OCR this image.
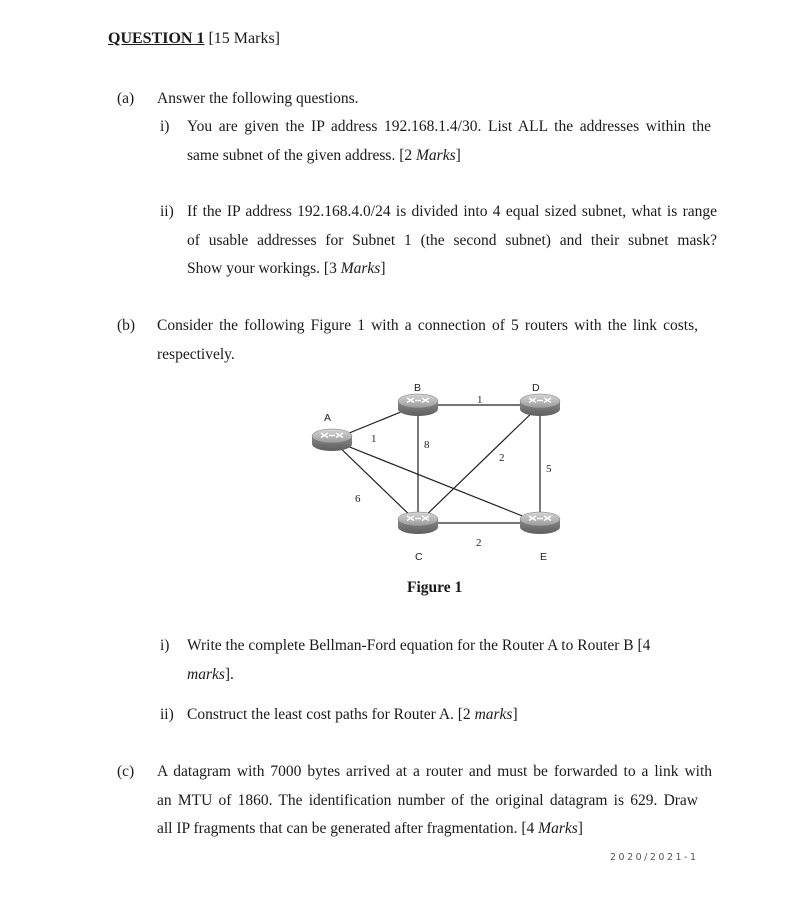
QUESTION 1 [15 Marks]
(a) Answer the following questions.
i) You are given the IP address 192.168.1.4/30. List ALL the addresses within the
same subnet of the given address. [2 Marks]
ii) If the IP address 192.168.4.0/24 is divided into 4 equal sized subnet, what is range
of usable addresses for Subnet 1 (the second subnet) and their subnet mask?
Show your workings. [3 Marks]
(b) Consider the following Figure 1 with a connection of 5 routers with the link costs,
respectively.
A
B
C
D
E
1	8
6
1
2
5
2
Figure 1
i) Write the complete Bellman-Ford equation for the Router A to Router B [4
marks].
ii) Construct the least cost paths for Router A. [2 marks]
(c) A datagram with 7000 bytes arrived at a router and must be forwarded to a link with
an MTU of 1860. The identification number of the original datagram is 629. Draw
all IP fragments that can be generated after fragmentation. [4 Marks]
2020/2021-1
